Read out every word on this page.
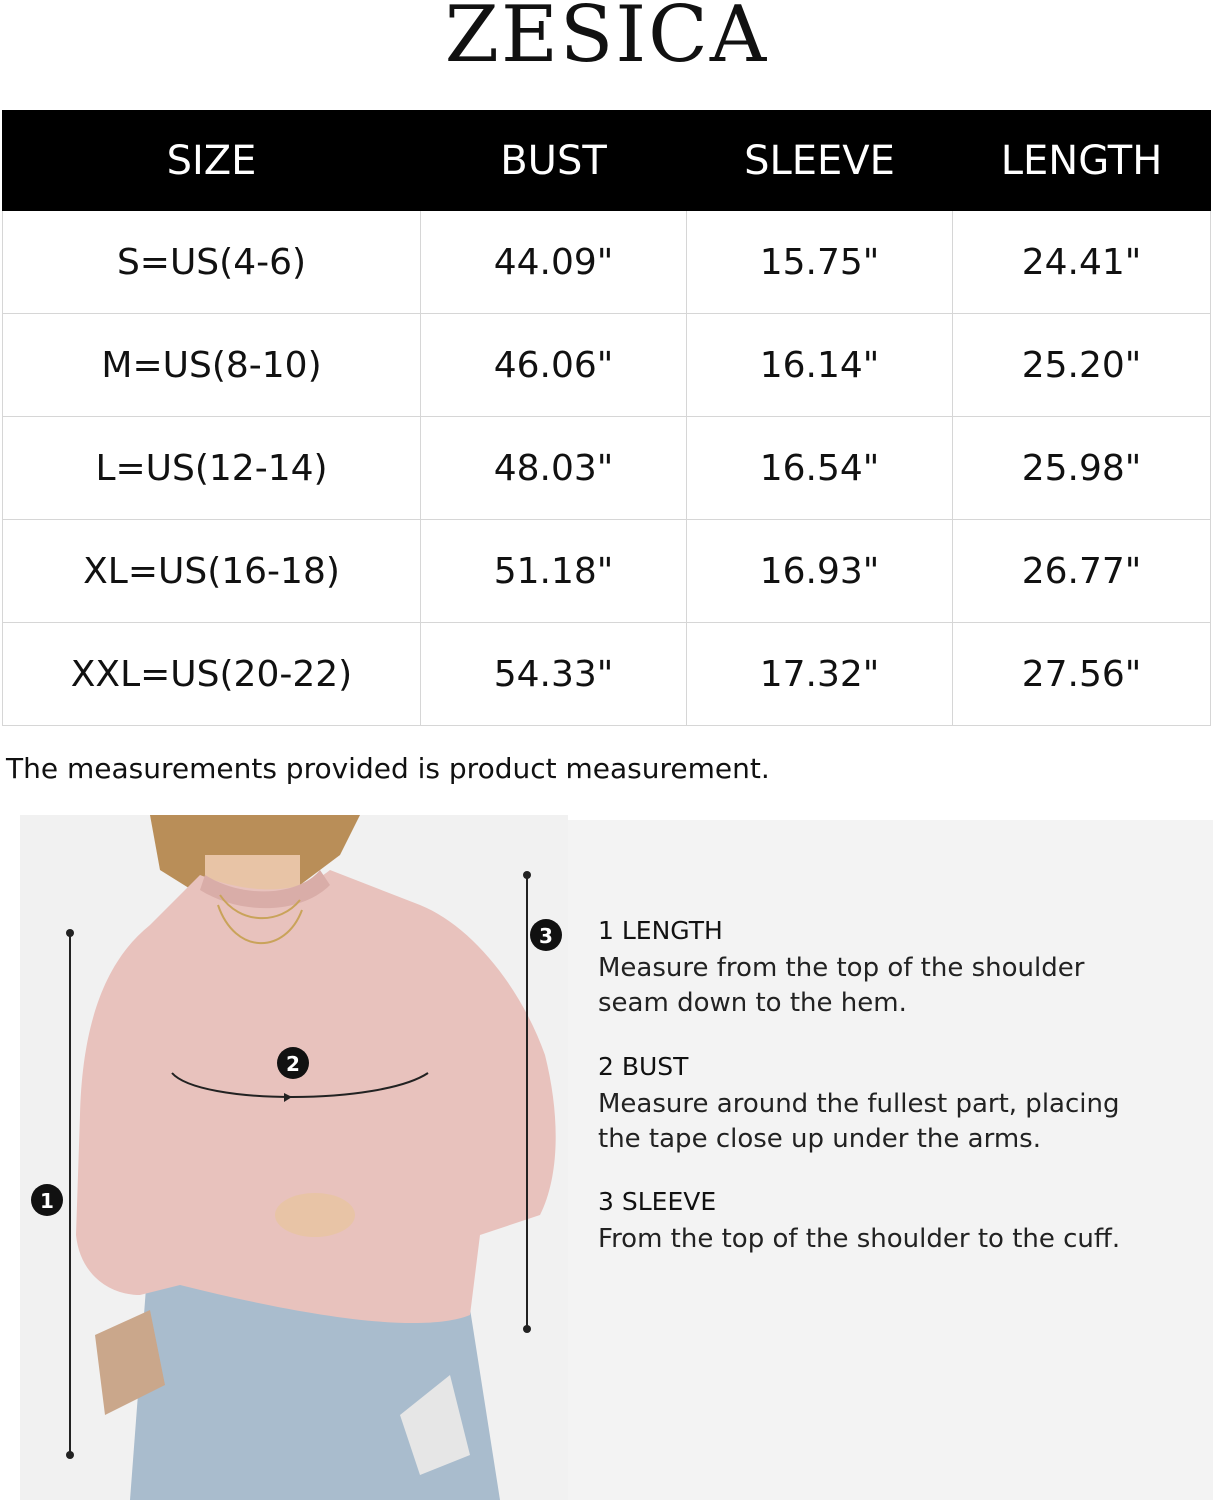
ZESICA
SIZE	BUST	SLEEVE	LENGTH
S=US(4-6)	44.09"	15.75"	24.41"
M=US(8-10)	46.06"	16.14"	25.20"
L=US(12-14)	48.03"	16.54"	25.98"
XL=US(16-18)	51.18"	16.93"	26.77"
XXL=US(20-22)	54.33"	17.32"	27.56"
The measurements provided is product measurement.
1
2
3 1 LENGTH
Measure from the top of the shoulder
seam down to the hem.
2 BUST
Measure around the fullest part, placing
the tape close up under the arms.
3 SLEEVE
From the top of the shoulder to the cuff.
